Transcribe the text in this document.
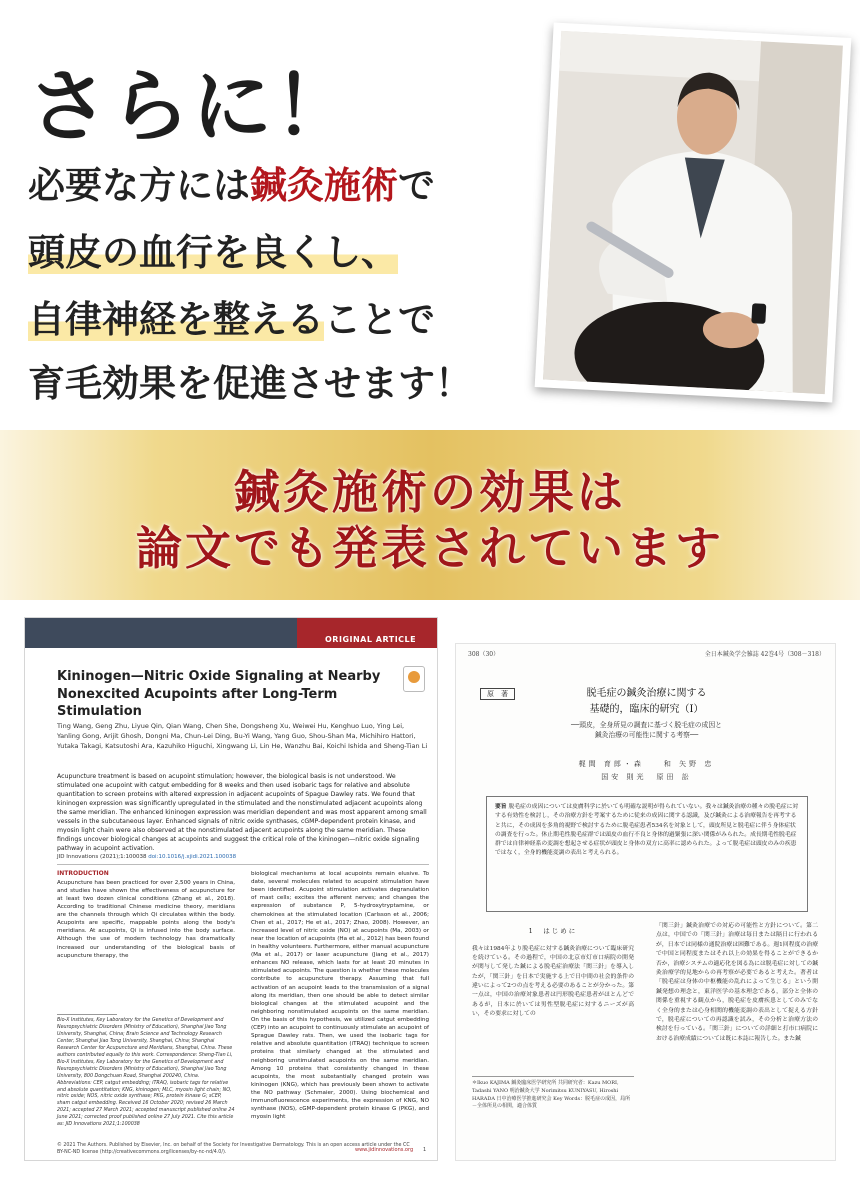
さらに！
必要な方には鍼灸施術で
頭皮の血行を良くし、
自律神経を整えることで
育毛効果を促進させます！
鍼灸施術の効果は
論文でも発表されています
ORIGINAL ARTICLE
Kininogen—Nitric Oxide Signaling at Nearby Nonexcited Acupoints after Long-Term Stimulation
Ting Wang, Geng Zhu, Liyue Qin, Qian Wang, Chen She, Dongsheng Xu, Weiwei Hu, Kenghuo Luo, Ying Lei, Yanling Gong, Arijit Ghosh, Dongni Ma, Chun-Lei Ding, Bu-Yi Wang, Yang Guo, Shou-Shan Ma, Michihiro Hattori, Yutaka Takagi, Katsutoshi Ara, Kazuhiko Higuchi, Xingwang Li, Lin He, Wanzhu Bai, Koichi Ishida and Sheng-Tian Li
Acupuncture treatment is based on acupoint stimulation; however, the biological basis is not understood. We stimulated one acupoint with catgut embedding for 8 weeks and then used isobaric tags for relative and absolute quantitation to screen proteins with altered expression in adjacent acupoints of Spague Dawley rats. We found that kininogen expression was significantly upregulated in the stimulated and the nonstimulated adjacent acupoints along the same meridian. The enhanced kininogen expression was meridian dependent and was most apparent among small vessels in the subcutaneous layer. Enhanced signals of nitric oxide synthases, cGMP-dependent protein kinase, and myosin light chain were also observed at the nonstimulated adjacent acupoints along the same meridian. These findings uncover biological changes at acupoints and suggest the critical role of the kininogen—nitric oxide signaling pathway in acupoint activation.
JID Innovations (2021);1:100038 doi:10.1016/j.xjidi.2021.100038
INTRODUCTION
Acupuncture has been practiced for over 2,500 years in China, and studies have shown the effectiveness of acupuncture for at least two dozen clinical conditions (Zhang et al., 2018). According to traditional Chinese medicine theory, meridians are the channels through which Qi circulates within the body. Acupoints are specific, mappable points along the body's meridians. At acupoints, Qi is infused into the body surface. Although the use of modern technology has dramatically increased our understanding of the biological basis of acupuncture therapy, the
Bio-X Institutes, Key Laboratory for the Genetics of Development and Neuropsychiatric Disorders (Ministry of Education), Shanghai Jiao Tong University, Shanghai, China; Brain Science and Technology Research Center, Shanghai Jiao Tong University, Shanghai, China; Shanghai Research Center for Acupuncture and Meridians, Shanghai, China. These authors contributed equally to this work. Correspondence: Sheng-Tian Li, Bio-X Institutes, Key Laboratory for the Genetics of Development and Neuropsychiatric Disorders (Ministry of Education), Shanghai Jiao Tong University, 800 Dongchuan Road, Shanghai 200240, China. Abbreviations: CEP, catgut embedding; iTRAQ, isobaric tags for relative and absolute quantitation; KNG, kininogen; MLC, myosin light chain; NO, nitric oxide; NOS, nitric oxide synthase; PKG, protein kinase G; sCEP, sham catgut embedding. Received 16 October 2020; revised 26 March 2021; accepted 27 March 2021; accepted manuscript published online 24 June 2021; corrected proof published online 27 July 2021. Cite this article as: JID Innovations 2021;1:100038
biological mechanisms at local acupoints remain elusive. To date, several molecules related to acupoint stimulation have been identified. Acupoint stimulation activates degranulation of mast cells; excites the afferent nerves; and changes the expression of substance P, 5-hydroxytryptamine, or chemokines at the stimulated location (Carlsson et al., 2006; Chen et al., 2017; He et al., 2017; Zhao, 2008). However, an increased level of nitric oxide (NO) at acupoints (Ma, 2003) or near the location of acupoints (Ha et al., 2012) has been found in healthy volunteers. Furthermore, either manual acupuncture (Ma et al., 2017) or laser acupuncture (Jiang et al., 2017) enhances NO release, which lasts for at least 20 minutes in stimulated acupoints. The question is whether these molecules contribute to acupuncture therapy. Assuming that full activation of an acupoint leads to the transmission of a signal along its meridian, then one should be able to detect similar biological changes at the stimulated acupoint and the neighboring nonstimulated acupoints on the same meridian. On the basis of this hypothesis, we utilized catgut embedding (CEP) into an acupoint to continuously stimulate an acupoint of Sprague Dawley rats. Then, we used the isobaric tags for relative and absolute quantitation (iTRAQ) technique to screen proteins that similarly changed at the stimulated and neighboring unstimulated acupoints on the same meridian. Among 10 proteins that consistently changed in these acupoints, the most substantially changed protein was kininogen (KNG), which has previously been shown to activate the NO pathway (Schmaier, 2000). Using biochemical and immunofluorescence experiments, the expression of KNG, NO synthase (NOS), cGMP-dependent protein kinase G (PKG), and myosin light
© 2021 The Authors. Published by Elsevier, Inc. on behalf of the Society for Investigative Dermatology. This is an open access article under the CC BY-NC-ND license (http://creativecommons.org/licenses/by-nc-nd/4.0/).	www.jidinnovations.org 1
308（30）	全日本鍼灸学会雑誌 42巻4号（308－318）
原　著	脱毛症の鍼灸治療に関する
基礎的，臨床的研究（Ⅰ）
──頭皮，全身所見の調査に基づく脱毛症の成因と
鍼灸治療の可能性に関する考察──
梶間 育郎・森　　和 矢野 忠
国安 則光　原田 訟
要旨 脱毛症の成因については皮膚科学に於いても明確な説明が得られていない。我々は鍼灸治療の種々の脱毛症に対する有効性を検討し，その治療方針を考案するために従来の成因に関する認識，及び鍼灸による治療報告を再考すると共に，その成因を多角的視野で検討するために脱毛症患者534名を対象として，頭皮所見と脱毛症に伴う身体症状の調査を行った。休止期毛性脱毛症群では頭皮の血行不良と身体的過緊張に深い関係がみられた。成長期毛性脱毛症群では自律神経系の変調を想起させる症状が頭皮と身体の双方に高率に認められた。よって脱毛症は頭皮のみの疾患ではなく，全身的機能変調の表出と考えられる。
1　はじめに
我々は1984年より脱毛症に対する鍼灸治療について臨床研究を続けている。その過程で，中国の北京市灯市口病院の開発が関与して発した鍼による脱毛症治療法「関三針」を導入したが，「関三針」を日本で実施する上で日中間の社会的条件の違いによって2つの点を考える必要のあることが分かった。第一点は，中国の治療対象患者は円形脱毛症患者がほとんどであるが，日本に於いては男性型脱毛症に対するニーズが高い，その要求に対しての
＊Ikuo KAJIMA 鍼灸臨床医学研究所 共同研究者：Kazu MORI, Tadashi YANO 明治鍼灸大学 Norimitsu KUNIYASU, Hiroshi HARADA 日中治療医学推進研究会 Key Words：脱毛症の成因，局所－全体所見の相関，適合体質
「関三針」鍼灸治療での対応の可能性と方針について。第二点は，中国での「関三針」治療は毎日または隔日に行われるが，日本では同様の通院治療は困難である。週1回程度の治療で中国と同程度またはそれ以上の効果を得ることができるか否か，治療システムの適応化を図る為には脱毛症に対しての鍼灸治療学的見地からの再考察が必要であると考えた。著者は「脱毛症は身体の中枢機能の乱れによって生じる」という開鍼発想の理念と，東洋医学の基本理念である，部分と全体の関係を重視する観点から，脱毛症を皮膚疾患としてのみでなく全身的または心身相関的機能変調の表出として捉える方針で，脱毛症についての再認識を試み，その分析と治療方法の検討を行っている。「関三針」についての詳細と打市口病院における治療成績については既に本誌に報告した。また鍼
